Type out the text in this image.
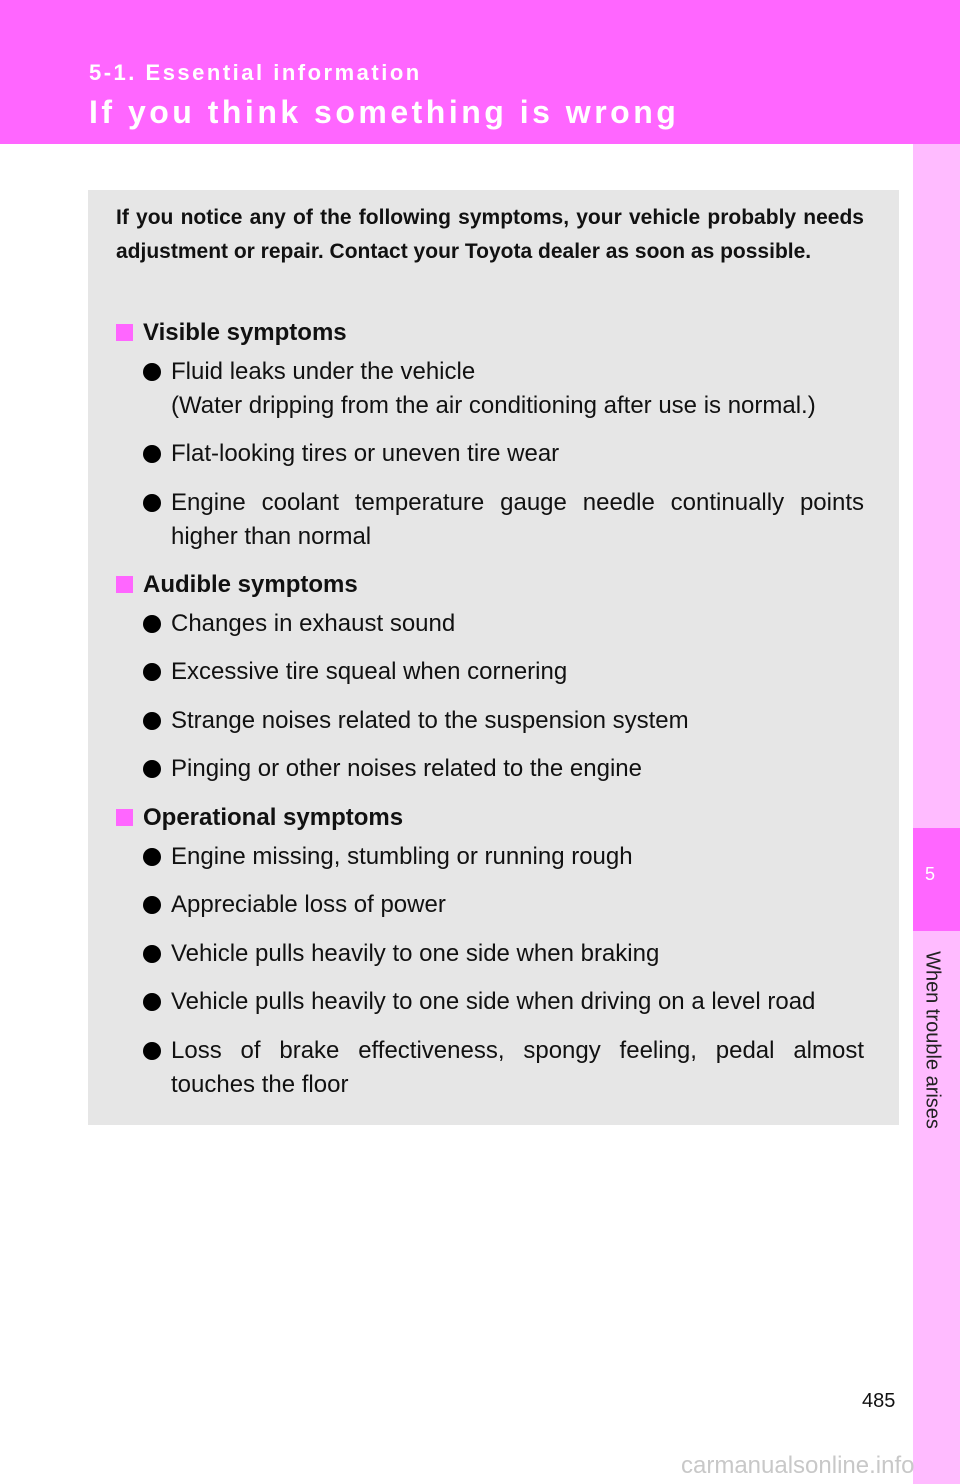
5-1. Essential information
If you think something is wrong
5
When trouble arises
If you notice any of the following symptoms, your vehicle probably needs adjustment or repair. Contact your Toyota dealer as soon as possible.
Visible symptoms
Fluid leaks under the vehicle
(Water dripping from the air conditioning after use is normal.)
Flat-looking tires or uneven tire wear
Engine coolant temperature gauge needle continually points higher than normal
Audible symptoms
Changes in exhaust sound
Excessive tire squeal when cornering
Strange noises related to the suspension system
Pinging or other noises related to the engine
Operational symptoms
Engine missing, stumbling or running rough
Appreciable loss of power
Vehicle pulls heavily to one side when braking
Vehicle pulls heavily to one side when driving on a level road
Loss of brake effectiveness, spongy feeling, pedal almost touches the floor
485
carmanualsonline.info
